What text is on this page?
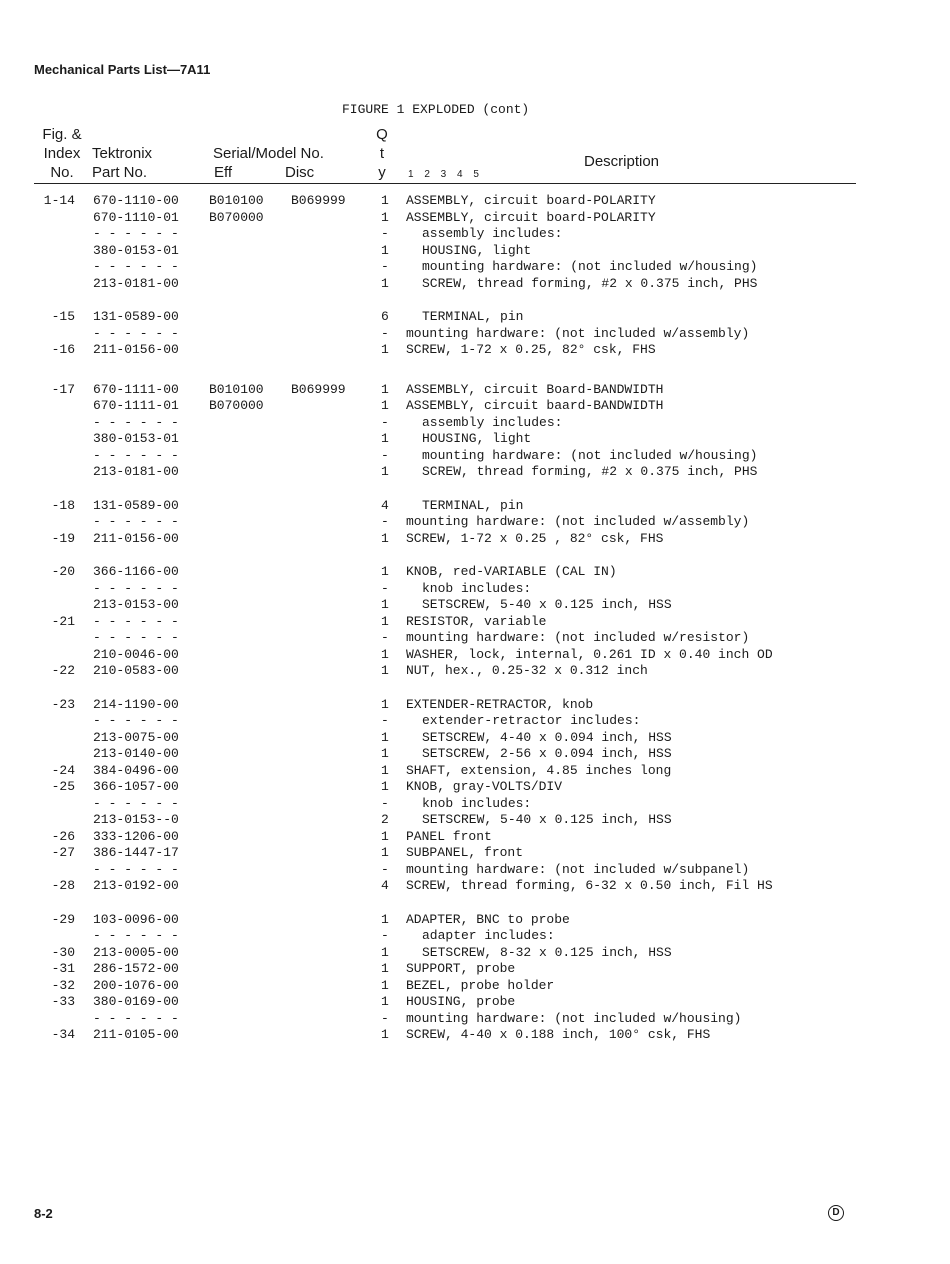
Mechanical Parts List—7A11
FIGURE 1 EXPLODED (cont)
Fig. &
Index
No.
Tektronix
Part No.
Serial/Model No.
Eff	Disc
Q
t
y	1 2 3 4 5
Description
1-14 670-1110-00 B010100 B069999	1 ASSEMBLY, circuit board-POLARITY
670-1110-01 B070000	1 ASSEMBLY, circuit board-POLARITY
- - - - - -	-	assembly includes:
380-0153-01	1	HOUSING, light
- - - - - -	-	mounting hardware: (not included w/housing)
213-0181-00	1	SCREW, thread forming, #2 x 0.375 inch, PHS
-15 131-0589-00	6	TERMINAL, pin
- - - - - -	- mounting hardware: (not included w/assembly)
-16 211-0156-00	1 SCREW, 1-72 x 0.25, 82° csk, FHS
-17 670-1111-00 B010100 B069999	1 ASSEMBLY, circuit Board-BANDWIDTH
670-1111-01 B070000	1 ASSEMBLY, circuit baard-BANDWIDTH
- - - - - -	-	assembly includes:
380-0153-01	1	HOUSING, light
- - - - - -	-	mounting hardware: (not included w/housing)
213-0181-00	1	SCREW, thread forming, #2 x 0.375 inch, PHS
-18 131-0589-00	4	TERMINAL, pin
- - - - - -	- mounting hardware: (not included w/assembly)
-19 211-0156-00	1 SCREW, 1-72 x 0.25 , 82° csk, FHS
-20 366-1166-00	1 KNOB, red-VARIABLE (CAL IN)
- - - - - -	-	knob includes:
213-0153-00	1	SETSCREW, 5-40 x 0.125 inch, HSS
-21 - - - - - -	1 RESISTOR, variable
- - - - - -	- mounting hardware: (not included w/resistor)
210-0046-00	1 WASHER, lock, internal, 0.261 ID x 0.40 inch OD
-22 210-0583-00	1 NUT, hex., 0.25-32 x 0.312 inch
-23 214-1190-00	1 EXTENDER-RETRACTOR, knob
- - - - - -	-	extender-retractor includes:
213-0075-00	1	SETSCREW, 4-40 x 0.094 inch, HSS
213-0140-00	1	SETSCREW, 2-56 x 0.094 inch, HSS
-24 384-0496-00	1 SHAFT, extension, 4.85 inches long
-25 366-1057-00	1 KNOB, gray-VOLTS/DIV
- - - - - -	-	knob includes:
213-0153--0	2	SETSCREW, 5-40 x 0.125 inch, HSS
-26 333-1206-00	1 PANEL front
-27 386-1447-17	1 SUBPANEL, front
- - - - - -	- mounting hardware: (not included w/subpanel)
-28 213-0192-00	4 SCREW, thread forming, 6-32 x 0.50 inch, Fil HS
-29 103-0096-00	1 ADAPTER, BNC to probe
- - - - - -	-	adapter includes:
-30 213-0005-00	1	SETSCREW, 8-32 x 0.125 inch, HSS
-31 286-1572-00	1 SUPPORT, probe
-32 200-1076-00	1 BEZEL, probe holder
-33 380-0169-00	1 HOUSING, probe
- - - - - -	- mounting hardware: (not included w/housing)
-34 211-0105-00	1 SCREW, 4-40 x 0.188 inch, 100° csk, FHS
8-2	D
